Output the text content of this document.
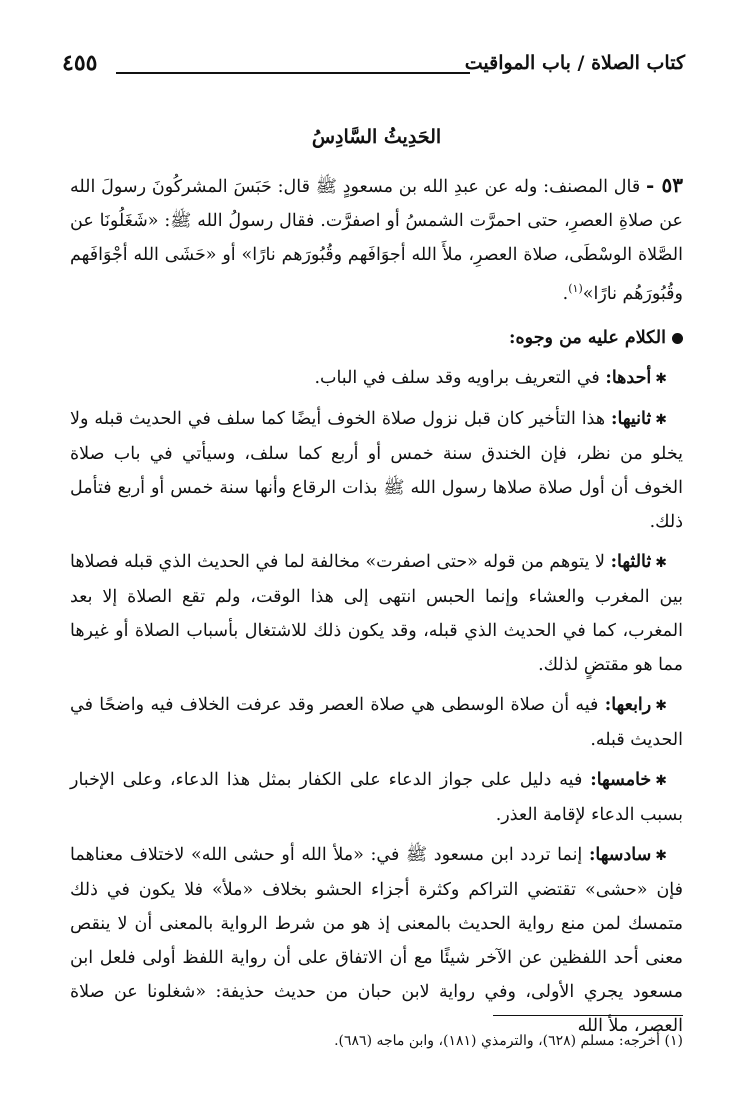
كتاب الصلاة / باب المواقيت
٤٥٥
الحَدِيثُ السَّادِسُ

٥٣ - قال المصنف: وله عن عبدِ الله بن مسعودٍ ﷺ قال: حَبَسَ المشركُونَ رسولَ الله عن صلاةِ العصرِ، حتى احمرَّت الشمسُ أو اصفرَّت. فقال رسولُ الله ﷺ: «شَغَلُونَا عن الصَّلاة الوسْطَى، صلاة العصرِ، ملأَ الله أجوَافَهم وقُبُورَهم نارًا» أو «حَشَى الله أجْوَافَهم وقُبُورَهُم نارًا»$^{(١)}$.

الكلام عليه من وجوه:

✱أحدها: في التعريف براويه وقد سلف في الباب.

✱ثانيها: هذا التأخير كان قبل نزول صلاة الخوف أيضًا كما سلف في الحديث قبله ولا يخلو من نظر، فإن الخندق سنة خمس أو أربع كما سلف، وسيأتي في باب صلاة الخوف أن أول صلاة صلاها رسول الله ﷺ بذات الرقاع وأنها سنة خمس أو أربع فتأمل ذلك.

✱ثالثها: لا يتوهم من قوله «حتى اصفرت» مخالفة لما في الحديث الذي قبله فصلاها بين المغرب والعشاء وإنما الحبس انتهى إلى هذا الوقت، ولم تقع الصلاة إلا بعد المغرب، كما في الحديث الذي قبله، وقد يكون ذلك للاشتغال بأسباب الصلاة أو غيرها مما هو مقتضٍ لذلك.

✱رابعها: فيه أن صلاة الوسطى هي صلاة العصر وقد عرفت الخلاف فيه واضحًا في الحديث قبله.

✱خامسها: فيه دليل على جواز الدعاء على الكفار بمثل هذا الدعاء، وعلى الإخبار بسبب الدعاء لإقامة العذر.

✱سادسها: إنما تردد ابن مسعود ﷺ في: «ملأ الله أو حشى الله» لاختلاف معناهما فإن «حشى» تقتضي التراكم وكثرة أجزاء الحشو بخلاف «ملأ» فلا يكون في ذلك متمسك لمن منع رواية الحديث بالمعنى إذ هو من شرط الرواية بالمعنى أن لا ينقص معنى أحد اللفظين عن الآخر شيئًا مع أن الاتفاق على أن رواية اللفظ أولى فلعل ابن مسعود يجري الأولى، وفي رواية لابن حبان من حديث حذيفة: «شغلونا عن صلاة العصر، ملأ الله

(١) أخرجه: مسلم (٦٢٨)، والترمذي (١٨١)، وابن ماجه (٦٨٦).
